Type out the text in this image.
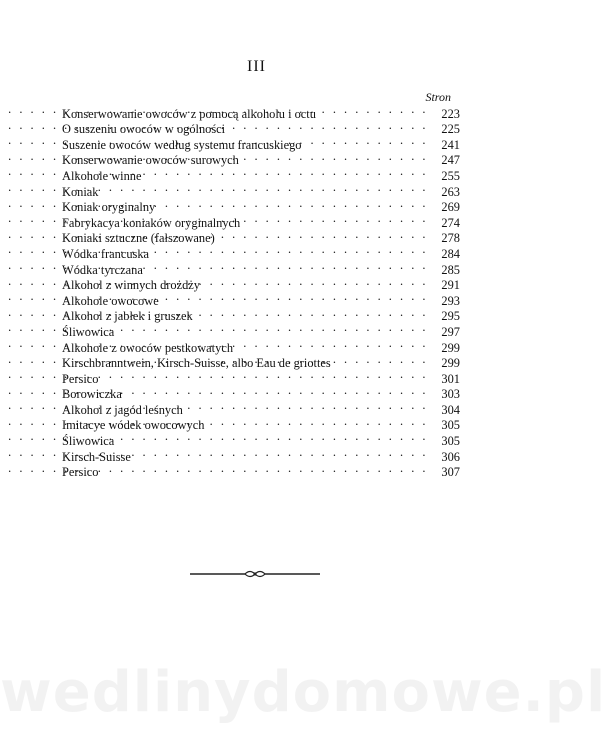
III
Stron
Konserwowanie owoców z pomocą alkoholu i octu . . .	223
O suszeniu owoców w ogólności . . .	225
Suszenie owoców według systemu francuskiego . . .	241
Konserwowanie owoców surowych . . .	247
Alkohole winne . . .	255
Koniak . . .	263
Koniak oryginalny . . .	269
Fabrykacya koniaków oryginalnych . . .	274
Koniaki sztuczne (fałszowane) . . .	278
Wódka francuska . . .	284
Wódka tyrczana . . .	285
Alkohol z winnych drożdży . . .	291
Alkohole owocowe . . .	293
Alkohol z jabłek i gruszek . . .	295
Śliwowica . . .	297
Alkohole z owoców pestkowatych . . .	299
Kirschbranntwein, Kirsch-Suisse, albo Eau de griottes . . .	299
Persico . . .	301
Borowiczka . . .	303
Alkohol z jagód leśnych . . .	304
Imitacye wódek owocowych . . .	305
Śliwowica . . .	305
Kirsch-Suisse . . .	306
Persico . . .	307
wedlinydomowe.pl
